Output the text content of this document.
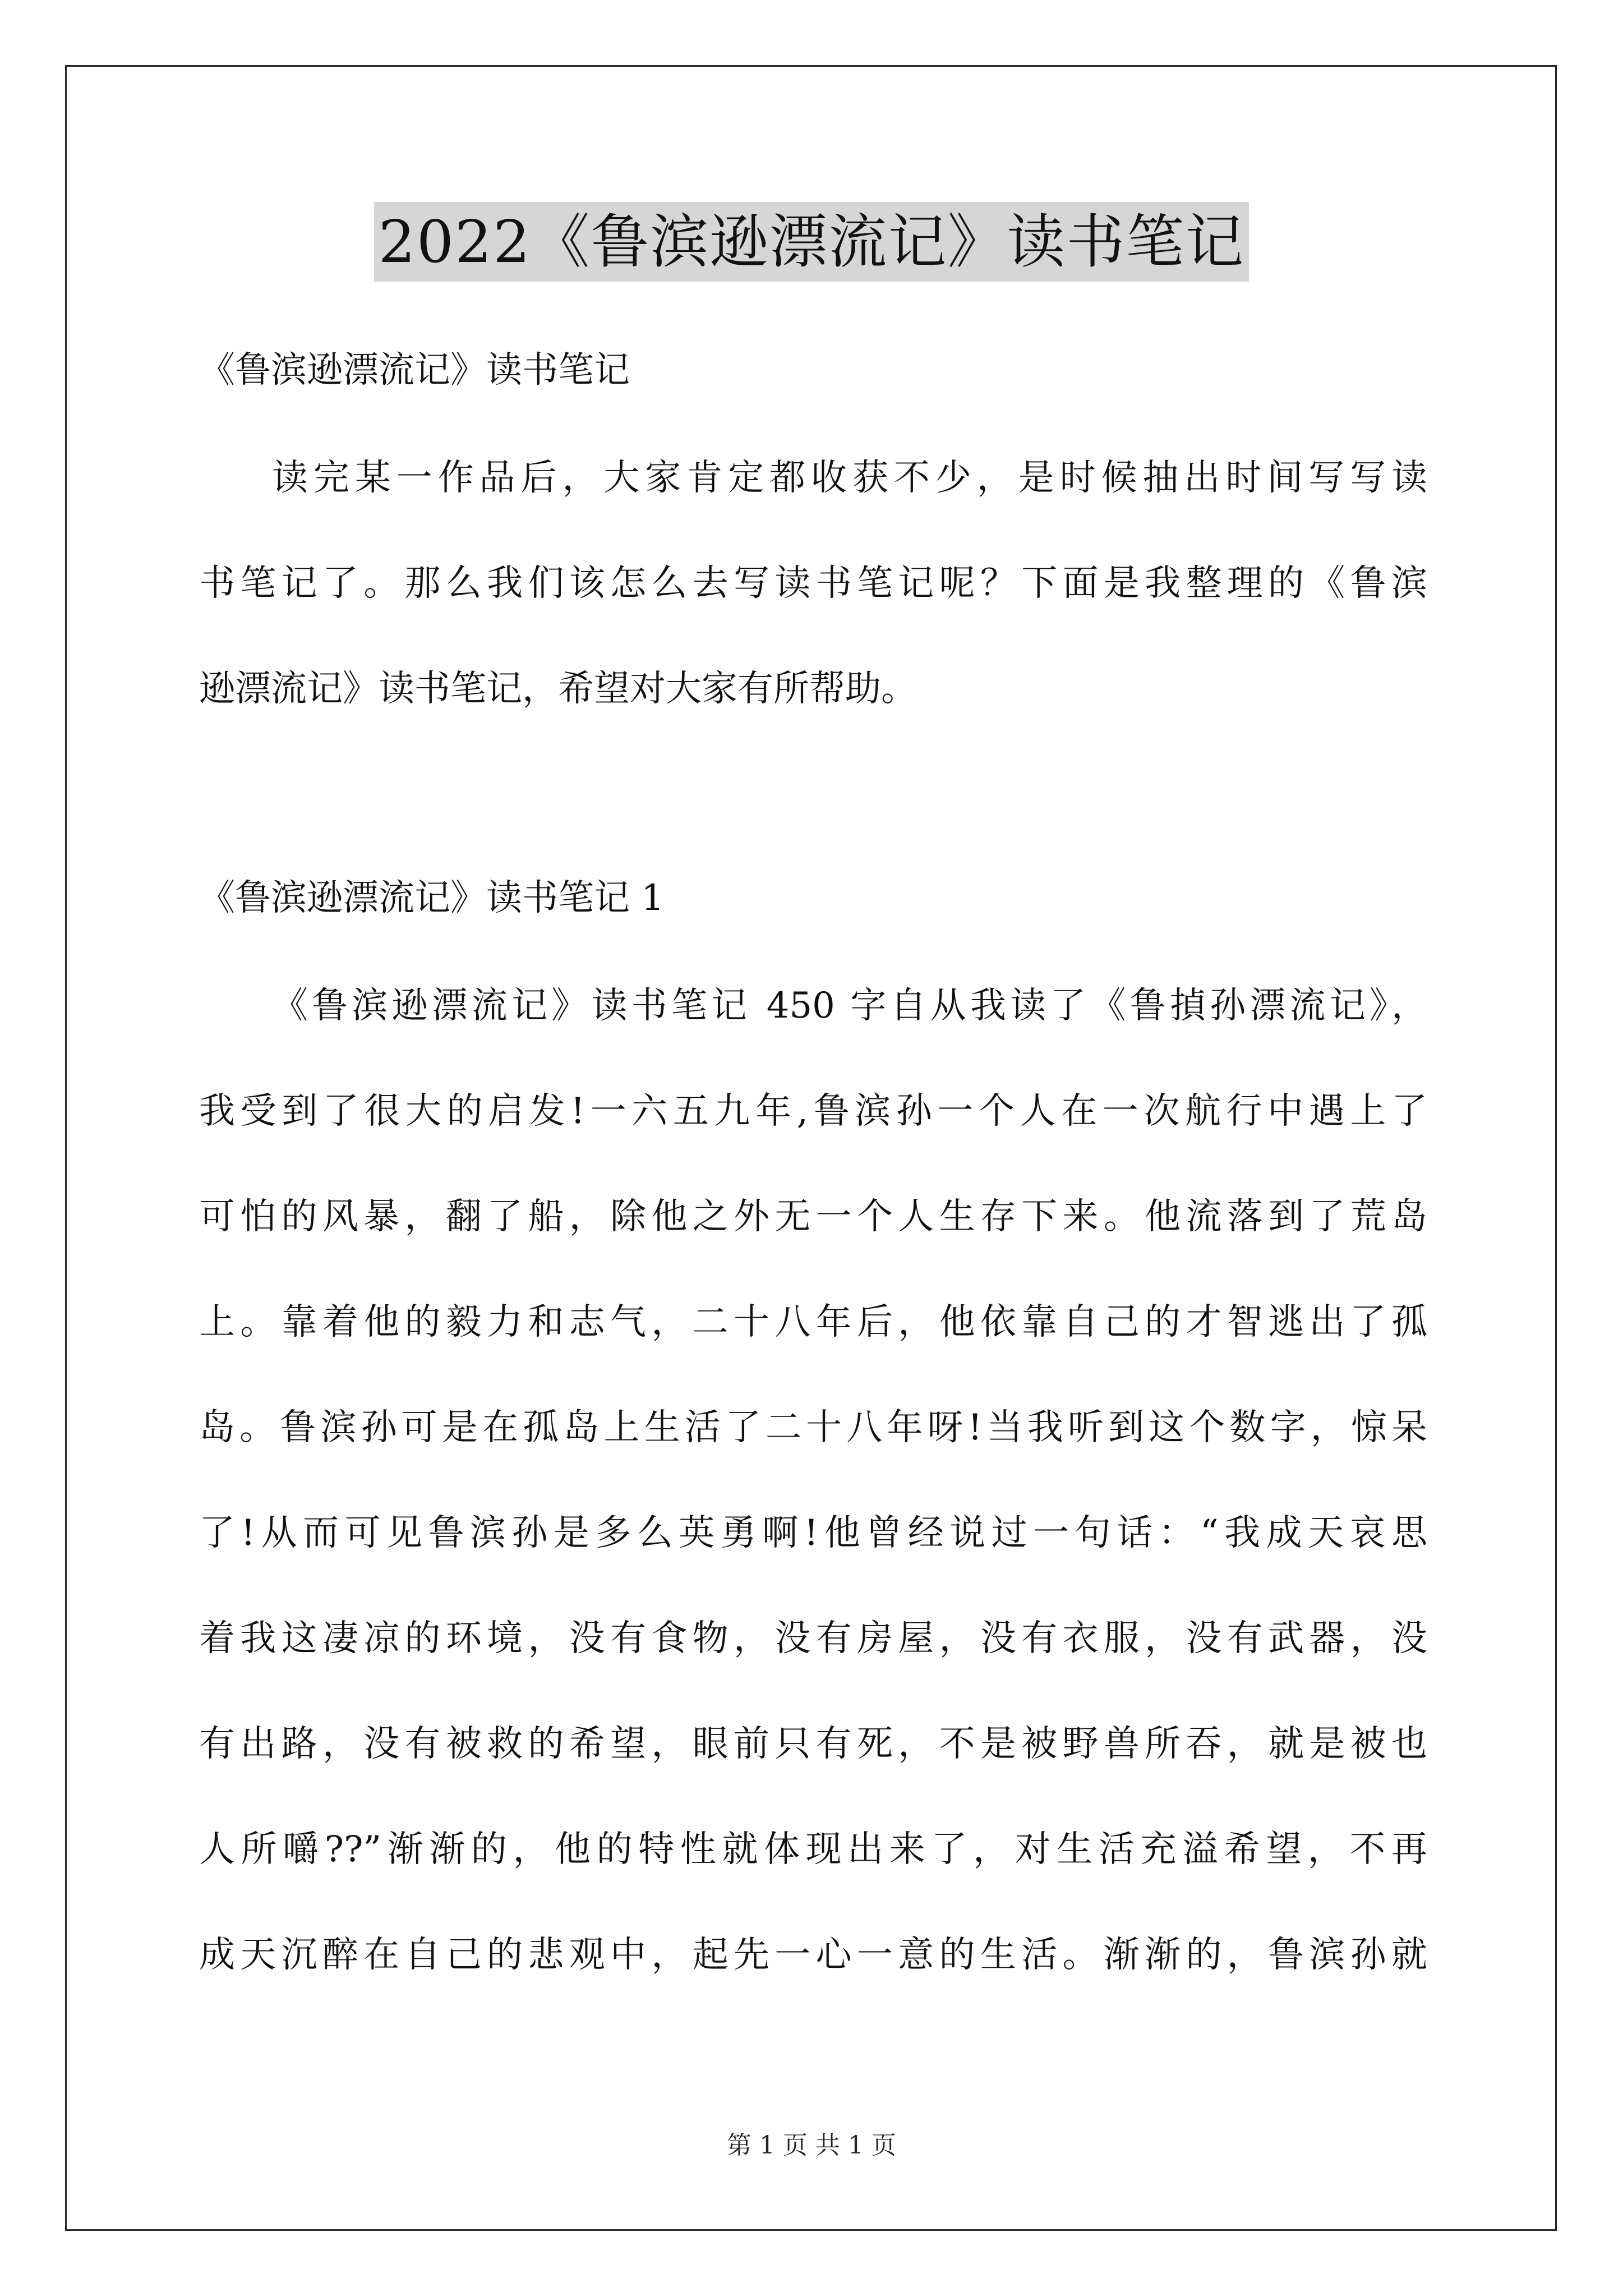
2022《鲁滨逊漂流记》读书笔记

《鲁滨逊漂流记》读书笔记

读完某一作品后，大家肯定都收获不少，是时候抽出时间写写读

书笔记了。那么我们该怎么去写读书笔记呢？下面是我整理的《鲁滨

逊漂流记》读书笔记，希望对大家有所帮助。

《鲁滨逊漂流记》读书笔记 1

《鲁滨逊漂流记》读书笔记 450 字自从我读了《鲁揁孙漂流记》，

我受到了很大的启发!一六五九年,鲁滨孙一个人在一次航行中遇上了

可怕的风暴，翻了船，除他之外无一个人生存下来。他流落到了荒岛

上。靠着他的毅力和志气，二十八年后，他依靠自己的才智逃出了孤

岛。鲁滨孙可是在孤岛上生活了二十八年呀!当我听到这个数字，惊呆

了!从而可见鲁滨孙是多么英勇啊!他曾经说过一句话：“我成天哀思

着我这凄凉的环境，没有食物，没有房屋，没有衣服，没有武器，没

有出路，没有被救的希望，眼前只有死，不是被野兽所吞，就是被也

人所嚼??”渐渐的，他的特性就体现出来了，对生活充溢希望，不再

成天沉醉在自己的悲观中，起先一心一意的生活。渐渐的，鲁滨孙就

第 1 页 共 1 页
